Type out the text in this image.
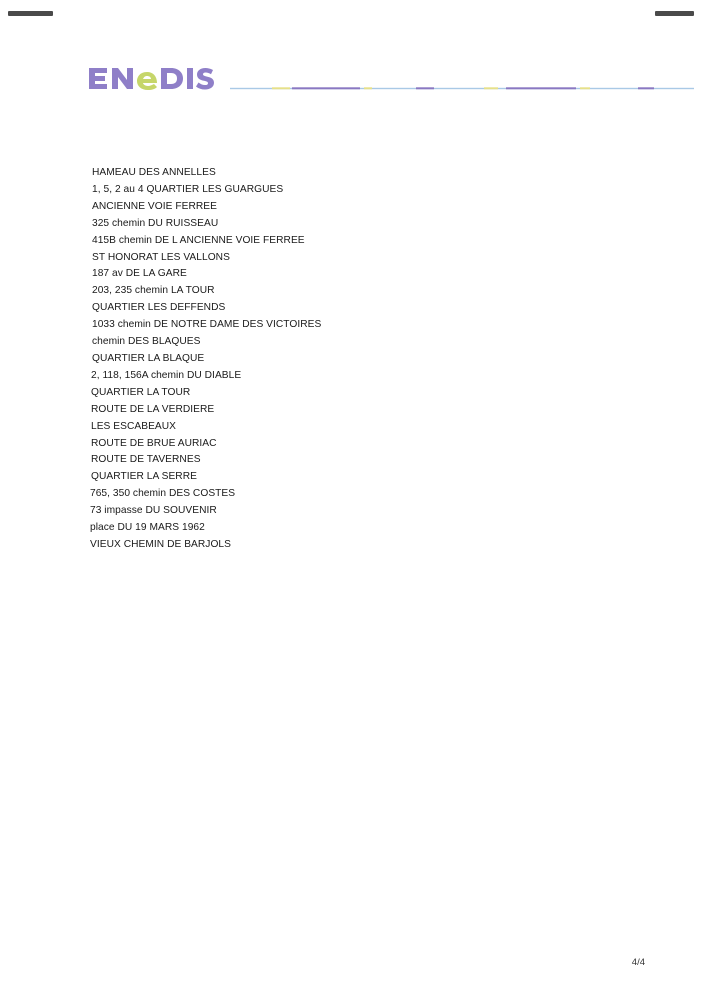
HAMEAU DES ANNELLES
1, 5, 2 au 4 QUARTIER LES GUARGUES
ANCIENNE VOIE FERREE
325 chemin DU RUISSEAU
415B chemin DE L ANCIENNE VOIE FERREE
ST HONORAT LES VALLONS
187 av DE LA GARE
203, 235 chemin LA TOUR
QUARTIER LES DEFFENDS
1033 chemin DE NOTRE DAME DES VICTOIRES
chemin DES BLAQUES
QUARTIER LA BLAQUE
2, 118, 156A chemin DU DIABLE
QUARTIER LA TOUR
ROUTE DE LA VERDIERE
LES ESCABEAUX
ROUTE DE BRUE AURIAC
ROUTE DE TAVERNES
QUARTIER LA SERRE
765, 350 chemin DES COSTES
73 impasse DU SOUVENIR
place DU 19 MARS 1962
VIEUX CHEMIN DE BARJOLS
4/4
